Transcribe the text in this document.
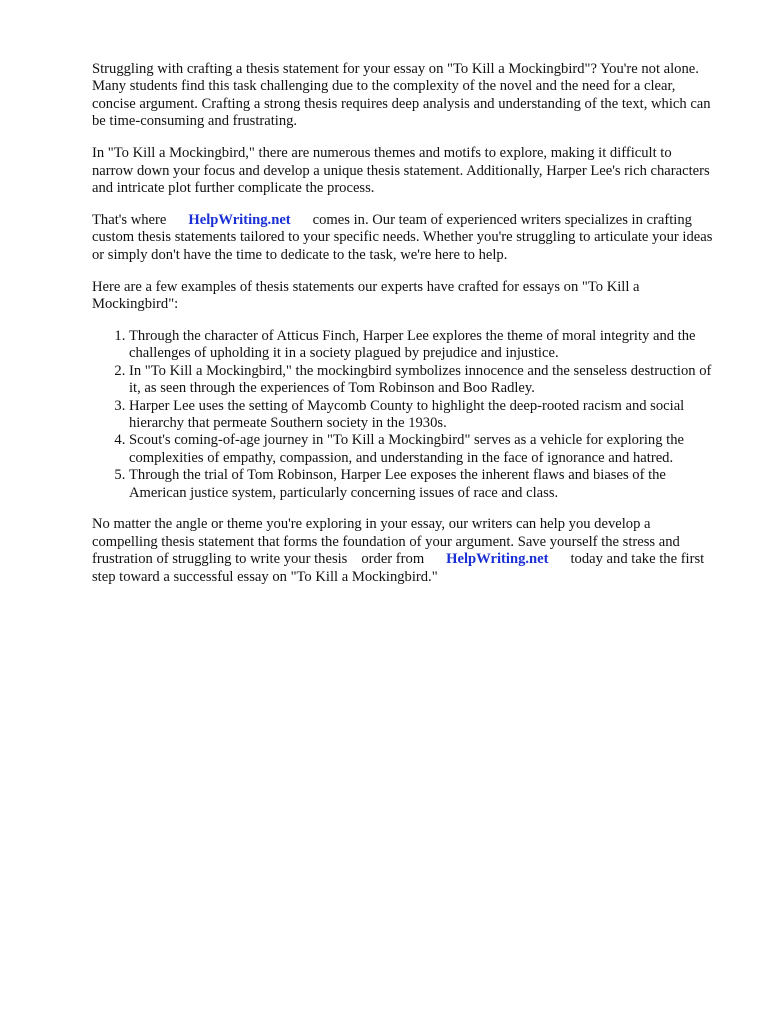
Struggling with crafting a thesis statement for your essay on "To Kill a Mockingbird"? You're not alone. Many students find this task challenging due to the complexity of the novel and the need for a clear, concise argument. Crafting a strong thesis requires deep analysis and understanding of the text, which can be time-consuming and frustrating.

In "To Kill a Mockingbird," there are numerous themes and motifs to explore, making it difficult to narrow down your focus and develop a unique thesis statement. Additionally, Harper Lee's rich characters and intricate plot further complicate the process.

That's where HelpWriting.net comes in. Our team of experienced writers specializes in crafting custom thesis statements tailored to your specific needs. Whether you're struggling to articulate your ideas or simply don't have the time to dedicate to the task, we're here to help.

Here are a few examples of thesis statements our experts have crafted for essays on "To Kill a Mockingbird":

1. Through the character of Atticus Finch, Harper Lee explores the theme of moral integrity and the challenges of upholding it in a society plagued by prejudice and injustice.
2. In "To Kill a Mockingbird," the mockingbird symbolizes innocence and the senseless destruction of it, as seen through the experiences of Tom Robinson and Boo Radley.
3. Harper Lee uses the setting of Maycomb County to highlight the deep-rooted racism and social hierarchy that permeate Southern society in the 1930s.
4. Scout's coming-of-age journey in "To Kill a Mockingbird" serves as a vehicle for exploring the complexities of empathy, compassion, and understanding in the face of ignorance and hatred.
5. Through the trial of Tom Robinson, Harper Lee exposes the inherent flaws and biases of the American justice system, particularly concerning issues of race and class.

No matter the angle or theme you're exploring in your essay, our writers can help you develop a compelling thesis statement that forms the foundation of your argument. Save yourself the stress and frustration of struggling to write your thesis order from HelpWriting.net today and take the first step toward a successful essay on "To Kill a Mockingbird."
